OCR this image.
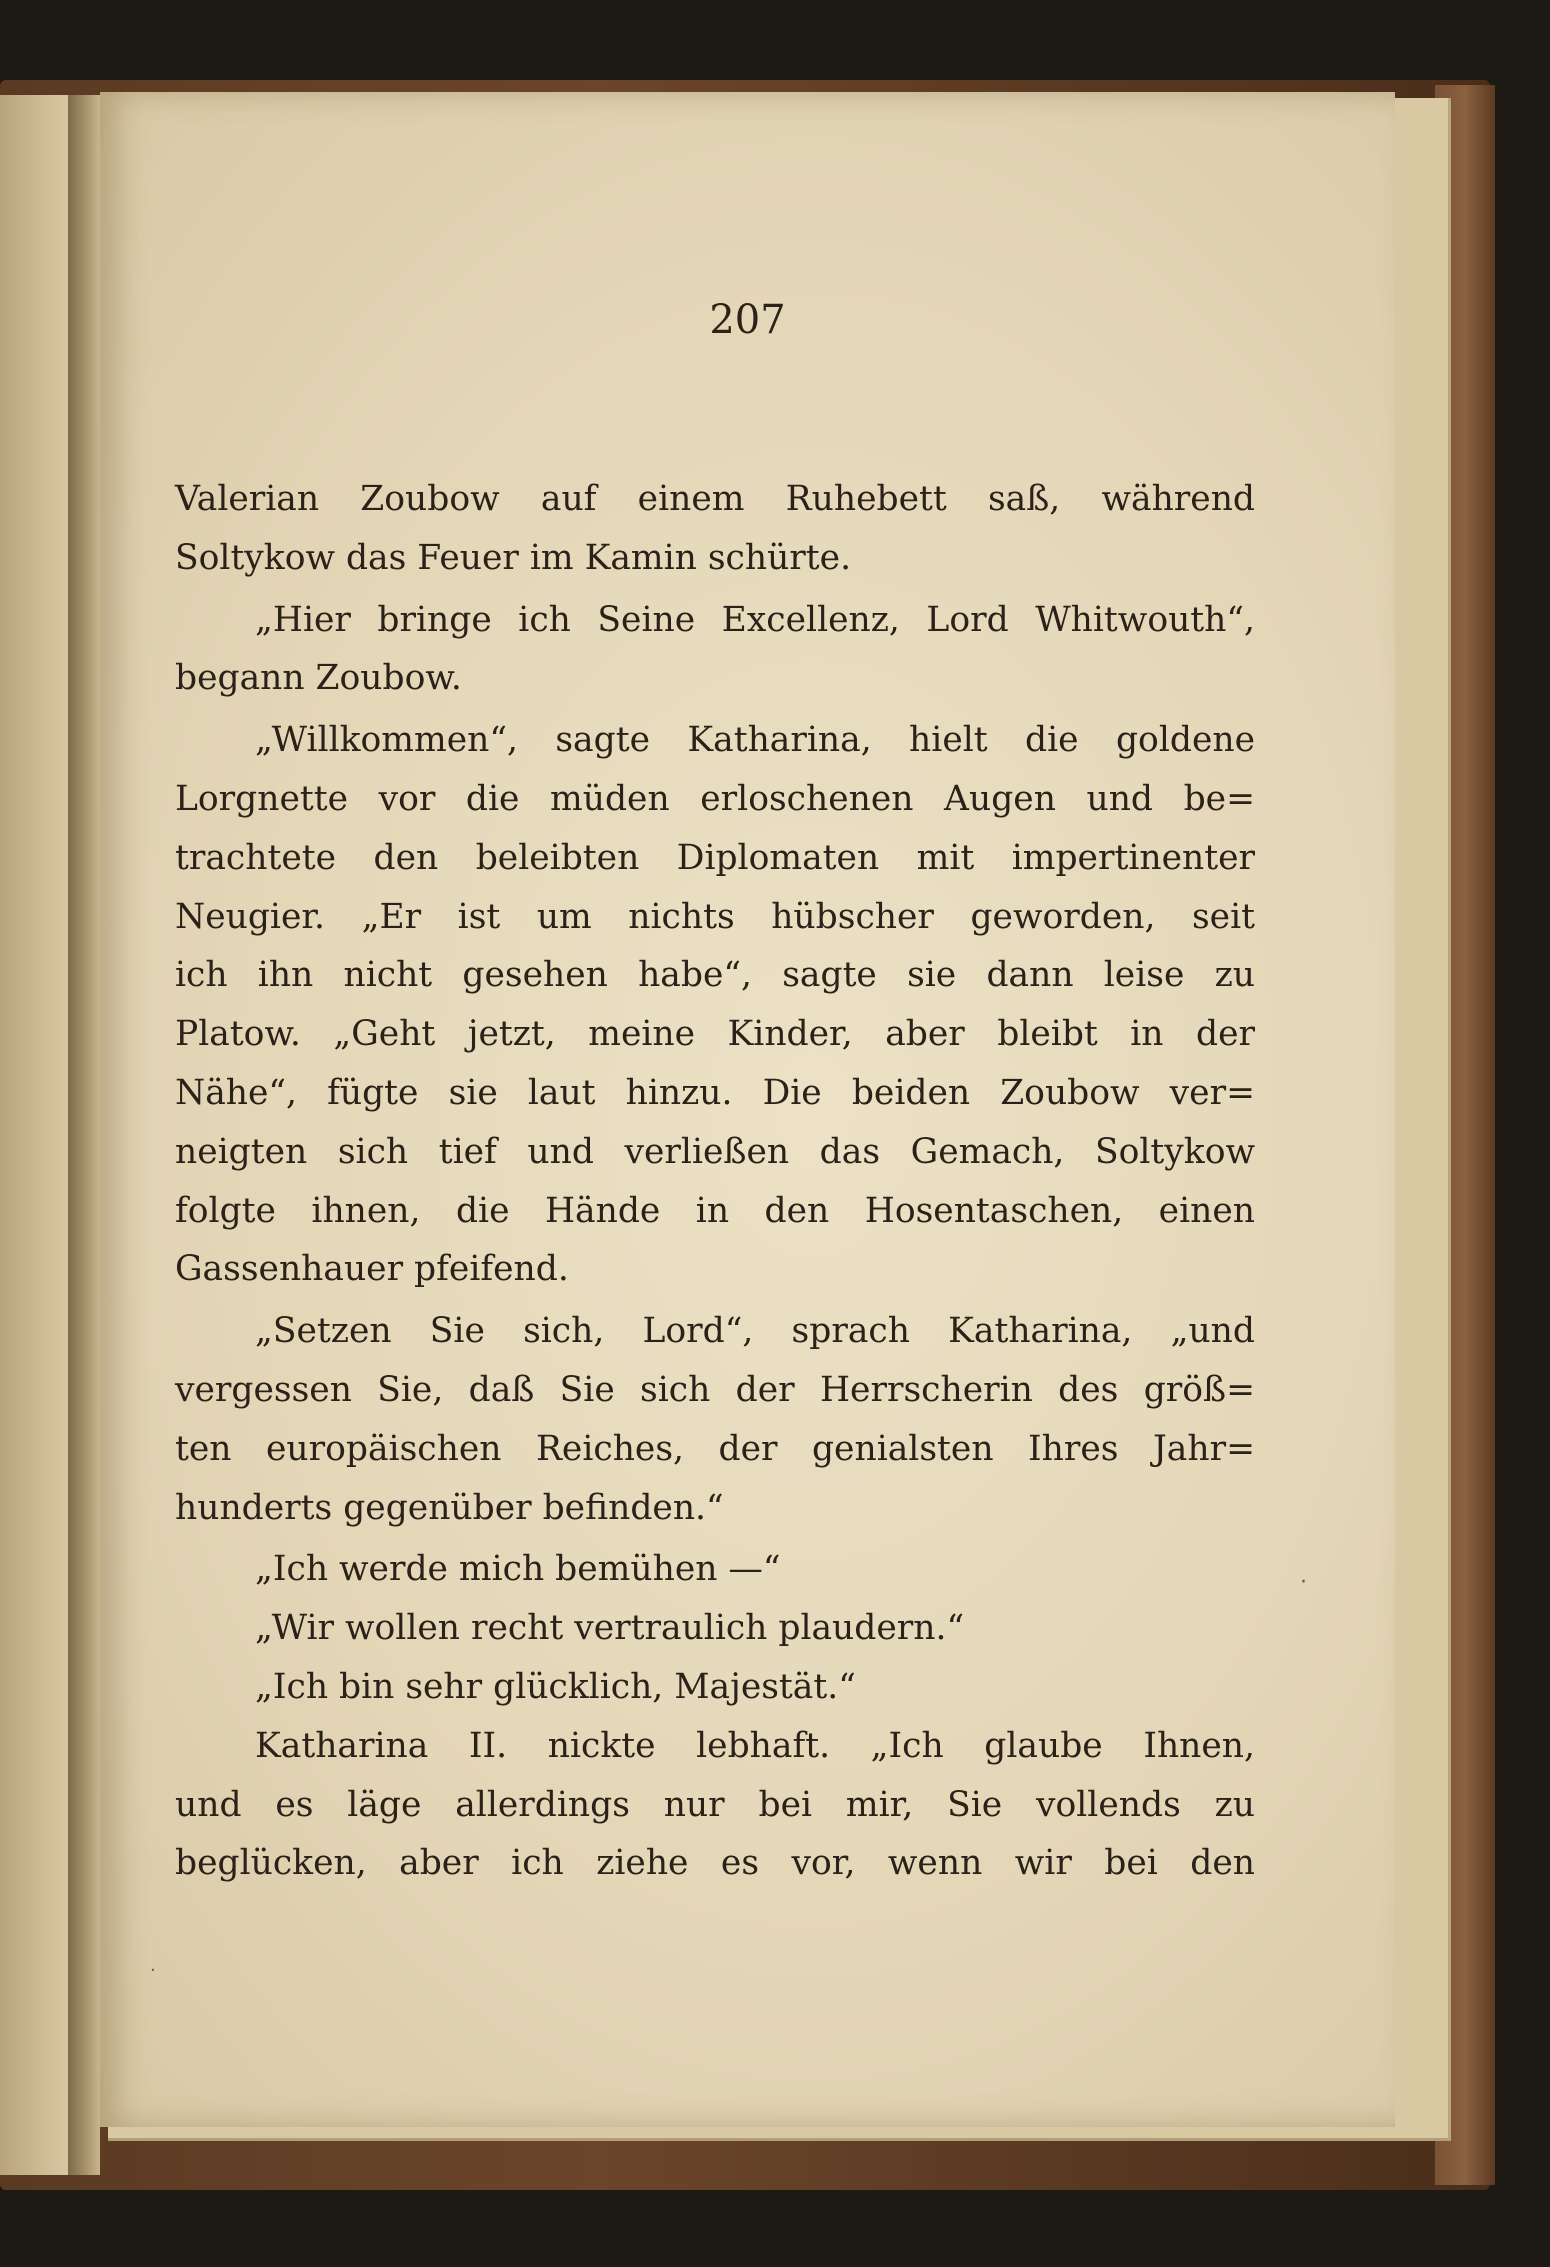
207
Valerian Zoubow auf einem Ruhebett saß, während
Soltykow das Feuer im Kamin schürte.
„Hier bringe ich Seine Excellenz, Lord Whitwouth“,
begann Zoubow.
„Willkommen“, sagte Katharina, hielt die goldene
Lorgnette vor die müden erloschenen Augen und be=
trachtete den beleibten Diplomaten mit impertinenter
Neugier. „Er ist um nichts hübscher geworden, seit
ich ihn nicht gesehen habe“, sagte sie dann leise zu
Platow. „Geht jetzt, meine Kinder, aber bleibt in der
Nähe“, fügte sie laut hinzu. Die beiden Zoubow ver=
neigten sich tief und verließen das Gemach, Soltykow
folgte ihnen, die Hände in den Hosentaschen, einen
Gassenhauer pfeifend.
„Setzen Sie sich, Lord“, sprach Katharina, „und
vergessen Sie, daß Sie sich der Herrscherin des größ=
ten europäischen Reiches, der genialsten Ihres Jahr=
hunderts gegenüber befinden.“
„Ich werde mich bemühen —“
„Wir wollen recht vertraulich plaudern.“
„Ich bin sehr glücklich, Majestät.“
Katharina II. nickte lebhaft. „Ich glaube Ihnen,
und es läge allerdings nur bei mir, Sie vollends zu
beglücken, aber ich ziehe es vor, wenn wir bei den
·
·
